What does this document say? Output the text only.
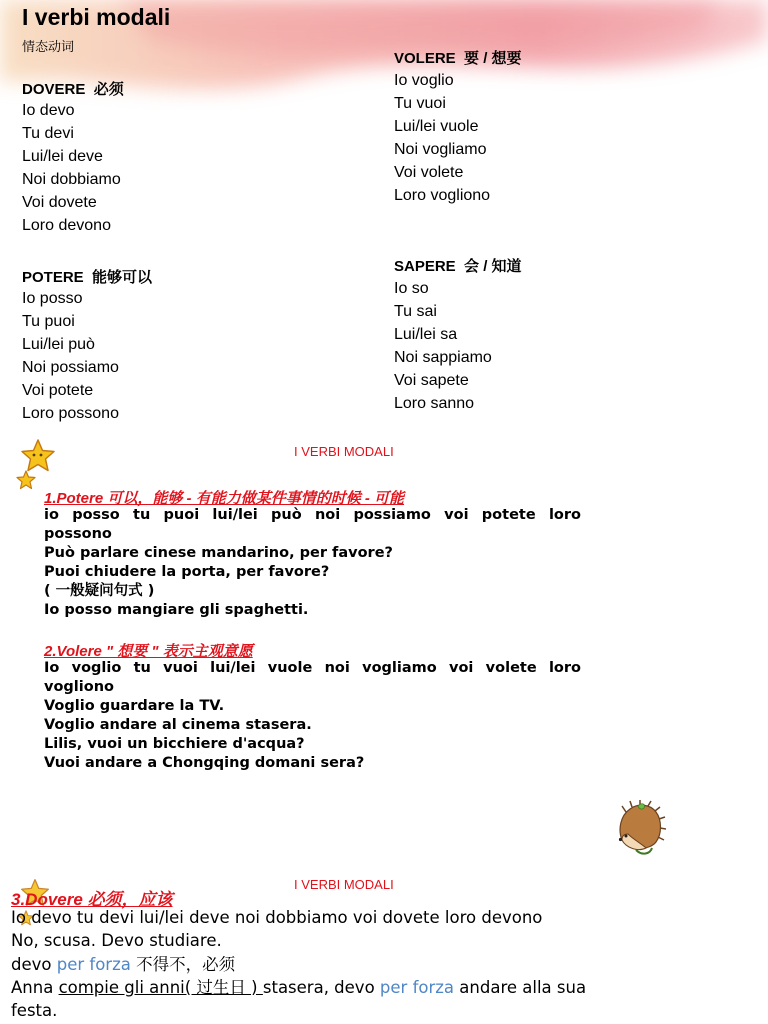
I verbi modali
情态动词
DOVERE 必须
Io devo
Tu devi
Lui/lei deve
Noi dobbiamo
Voi dovete
Loro devono
POTERE 能够可以
Io posso
Tu puoi
Lui/lei può
Noi possiamo
Voi potete
Loro possono
VOLERE 要 / 想要
Io voglio
Tu vuoi
Lui/lei vuole
Noi vogliamo
Voi volete
Loro vogliono
SAPERE 会 / 知道
Io so
Tu sai
Lui/lei sa
Noi sappiamo
Voi sapete
Loro sanno
I VERBI MODALI
1.Potere 可以，能够 - 有能力做某件事情的时候 - 可能
io posso tu puoi lui/lei può noi possiamo voi potete loro
possono
Può parlare cinese mandarino, per favore?
Puoi chiudere la porta, per favore?
( 一般疑问句式 )
Io posso mangiare gli spaghetti.
2.Volere " 想要 " 表示主观意愿
Io voglio tu vuoi lui/lei vuole noi vogliamo voi volete loro
vogliono
Voglio guardare la TV.
Voglio andare al cinema stasera.
Lilis, vuoi un bicchiere d'acqua?
Vuoi andare a Chongqing domani sera?
I VERBI MODALI
3.Dovere 必须，应该
Io devo tu devi lui/lei deve noi dobbiamo voi dovete loro devono
No, scusa. Devo studiare.
devo per forza 不得不，必须
Anna compie gli anni( 过生日 ) stasera, devo per forza andare alla sua
festa.
